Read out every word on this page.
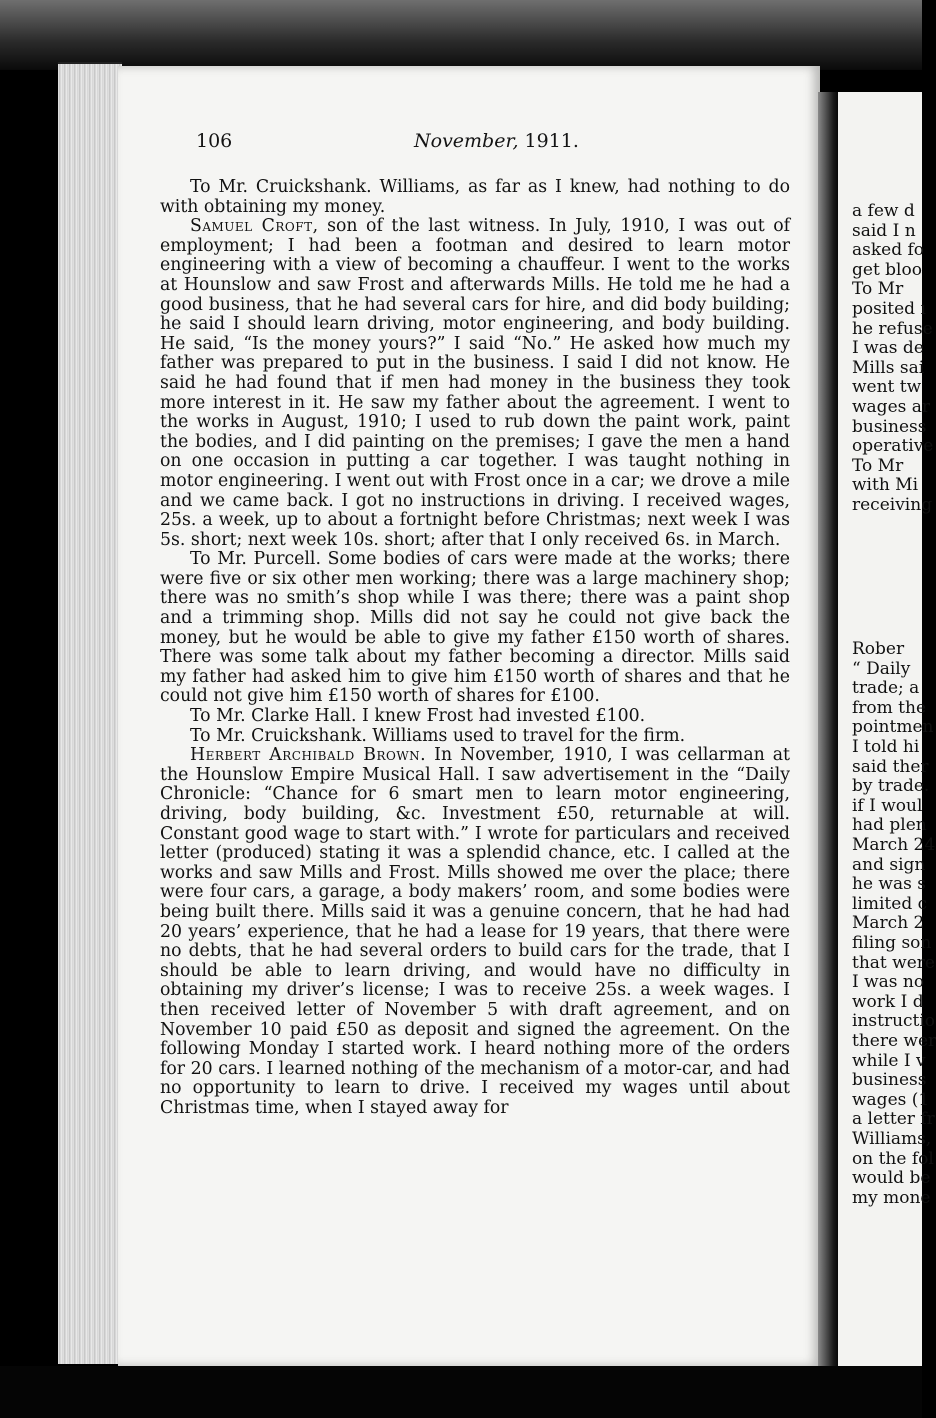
106	November, 1911.

To Mr. Cruickshank. Williams, as far as I knew, had nothing to do with obtaining my money.

Samuel Croft, son of the last witness. In July, 1910, I was out of employment; I had been a footman and desired to learn motor engineering with a view of becoming a chauffeur. I went to the works at Hounslow and saw Frost and afterwards Mills. He told me he had a good business, that he had several cars for hire, and did body building; he said I should learn driving, motor engineering, and body building. He said, “Is the money yours?” I said “No.” He asked how much my father was prepared to put in the business. I said I did not know. He said he had found that if men had money in the business they took more interest in it. He saw my father about the agreement. I went to the works in August, 1910; I used to rub down the paint work, paint the bodies, and I did painting on the premises; I gave the men a hand on one occasion in putting a car together. I was taught nothing in motor engineering. I went out with Frost once in a car; we drove a mile and we came back. I got no instructions in driving. I received wages, 25s. a week, up to about a fortnight before Christmas; next week I was 5s. short; next week 10s. short; after that I only received 6s. in March.

To Mr. Purcell. Some bodies of cars were made at the works; there were five or six other men working; there was a large machinery shop; there was no smith’s shop while I was there; there was a paint shop and a trimming shop. Mills did not say he could not give back the money, but he would be able to give my father £150 worth of shares. There was some talk about my father becoming a director. Mills said my father had asked him to give him £150 worth of shares and that he could not give him £150 worth of shares for £100.

To Mr. Clarke Hall. I knew Frost had invested £100.

To Mr. Cruickshank. Williams used to travel for the firm.

Herbert Archibald Brown. In November, 1910, I was cellarman at the Hounslow Empire Musical Hall. I saw advertisement in the “Daily Chronicle: “Chance for 6 smart men to learn motor engineering, driving, body building, &c. Investment £50, returnable at will. Constant good wage to start with.” I wrote for particulars and received letter (produced) stating it was a splendid chance, etc. I called at the works and saw Mills and Frost. Mills showed me over the place; there were four cars, a garage, a body makers’ room, and some bodies were being built there. Mills said it was a genuine concern, that he had had 20 years’ experience, that he had a lease for 19 years, that there were no debts, that he had several orders to build cars for the trade, that I should be able to learn driving, and would have no difficulty in obtaining my driver’s license; I was to receive 25s. a week wages. I then received letter of November 5 with draft agreement, and on November 10 paid £50 as deposit and signed the agreement. On the following Monday I started work. I heard nothing more of the orders for 20 cars. I learned nothing of the mechanism of a motor-car, and had no opportunity to learn to drive. I received my wages until about Christmas time, when I stayed away for

a few d
said I n
asked fo
get bloo
To Mr
posited ı
he refuse
I was de
Mills sai
went tw
wages ar
business
operative
To Mr
with Mi
receiving
Rober
“ Daily
trade; a
from the
pointmen
I told hi
said ther
by trade.
if I woul
had plen
March 24
and sign
he was s
limited c
March 2
filing son
that were
I was no
work I d
instructio
there wer
while I v
business
wages (1
a letter fr
Williams,
on the fol
would be
my mone
